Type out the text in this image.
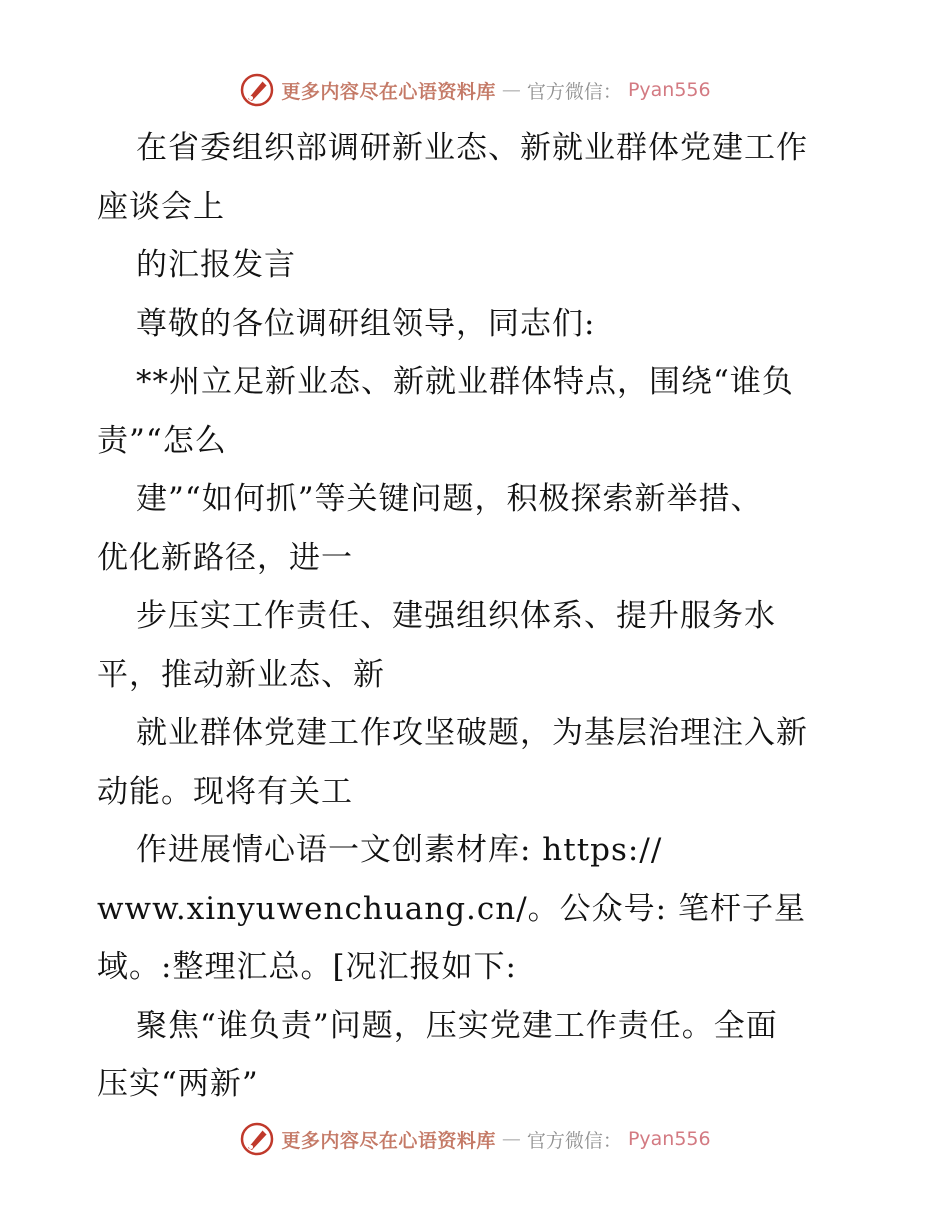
更多内容尽在心语资料库 — 官方微信： Pyan556
在省委组织部调研新业态、新就业群体党建工作
座谈会上
的汇报发言
尊敬的各位调研组领导，同志们:
**州立足新业态、新就业群体特点，围绕“谁负
责”“怎么
建”“如何抓”等关键问题，积极探索新举措、
优化新路径，进一
步压实工作责任、建强组织体系、提升服务水
平，推动新业态、新
就业群体党建工作攻坚破题，为基层治理注入新
动能。现将有关工
作进展情心语一文创素材库: https://
www.xinyuwenchuang.cn/。公众号: 笔杆子星
域。:整理汇总。[况汇报如下:
聚焦“谁负责”问题，压实党建工作责任。全面
压实“两新”
更多内容尽在心语资料库 — 官方微信： Pyan556
